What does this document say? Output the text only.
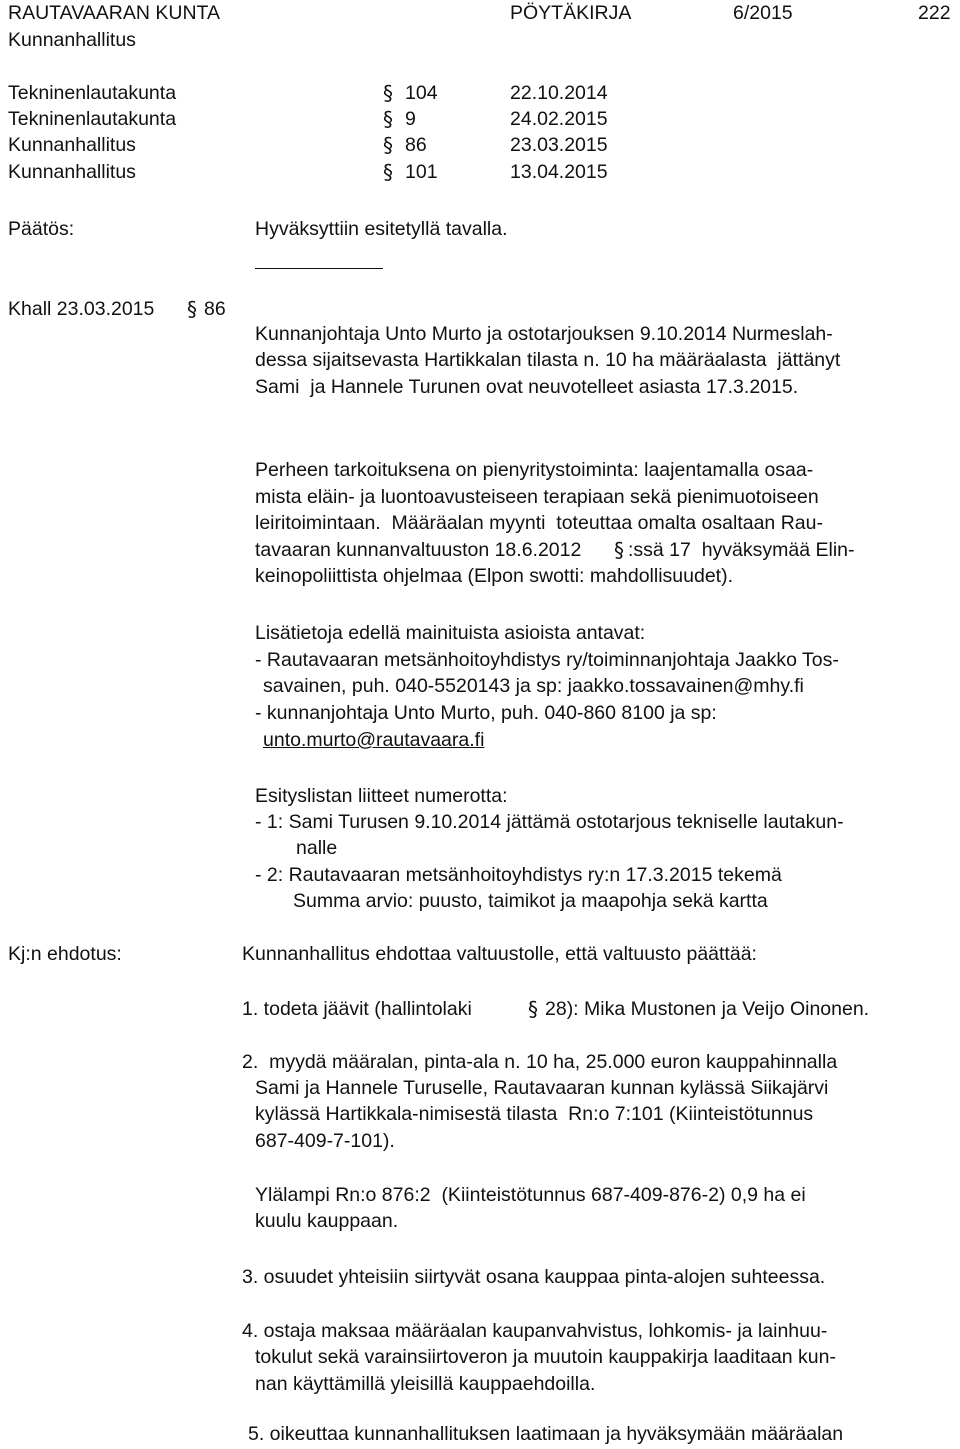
RAUTAVAARAN KUNTA	PÖYTÄKIRJA	6/2015	222
Kunnanhallitus
Tekninenlautakunta	§ 104	22.10.2014
Tekninenlautakunta	§ 9	24.02.2015
Kunnanhallitus	§ 86	23.03.2015
Kunnanhallitus	§ 101	13.04.2015
Päätös:	Hyväksyttiin esitetyllä tavalla.
Khall 23.03.2015 § 86
Kunnanjohtaja Unto Murto ja ostotarjouksen 9.10.2014 Nurmeslah-
dessa sijaitsevasta Hartikkalan tilasta n. 10 ha määräalasta  jättänyt
Sami  ja Hannele Turunen ovat neuvotelleet asiasta 17.3.2015.
Perheen tarkoituksena on pienyritystoiminta: laajentamalla osaa-
mista eläin- ja luontoavusteiseen terapiaan sekä pienimuotoiseen
leiritoimintaan.  Määräalan myynti  toteuttaa omalta osaltaan Rau-
tavaaran kunnanvaltuuston 18.6.2012 § :ssä 17  hyväksymää Elin-
keinopoliittista ohjelmaa (Elpon swotti: mahdollisuudet).
Lisätietoja edellä mainituista asioista antavat:
- Rautavaaran metsänhoitoyhdistys ry/toiminnanjohtaja Jaakko Tos-
savainen, puh. 040-5520143 ja sp: jaakko.tossavainen@mhy.fi
- kunnanjohtaja Unto Murto, puh. 040-860 8100 ja sp:
unto.murto@rautavaara.fi
Esityslistan liitteet numerotta:
- 1: Sami Turusen 9.10.2014 jättämä ostotarjous tekniselle lautakun-
nalle
- 2: Rautavaaran metsänhoitoyhdistys ry:n 17.3.2015 tekemä
Summa arvio: puusto, taimikot ja maapohja sekä kartta
Kj:n ehdotus:	Kunnanhallitus ehdottaa valtuustolle, että valtuusto päättää:
1. todeta jäävit (hallintolaki	§ 28): Mika Mustonen ja Veijo Oinonen.
2.  myydä määralan, pinta-ala n. 10 ha, 25.000 euron kauppahinnalla
Sami ja Hannele Turuselle, Rautavaaran kunnan kylässä Siikajärvi
kylässä Hartikkala-nimisestä tilasta  Rn:o 7:101 (Kiinteistötunnus
687-409-7-101).
Ylälampi Rn:o 876:2  (Kiinteistötunnus 687-409-876-2) 0,9 ha ei
kuulu kauppaan.
3. osuudet yhteisiin siirtyvät osana kauppaa pinta-alojen suhteessa.
4. ostaja maksaa määräalan kaupanvahvistus, lohkomis- ja lainhuu-
tokulut sekä varainsiirtoveron ja muutoin kauppakirja laaditaan kun-
nan käyttämillä yleisillä kauppaehdoilla.
5. oikeuttaa kunnanhallituksen laatimaan ja hyväksymään määräalan
